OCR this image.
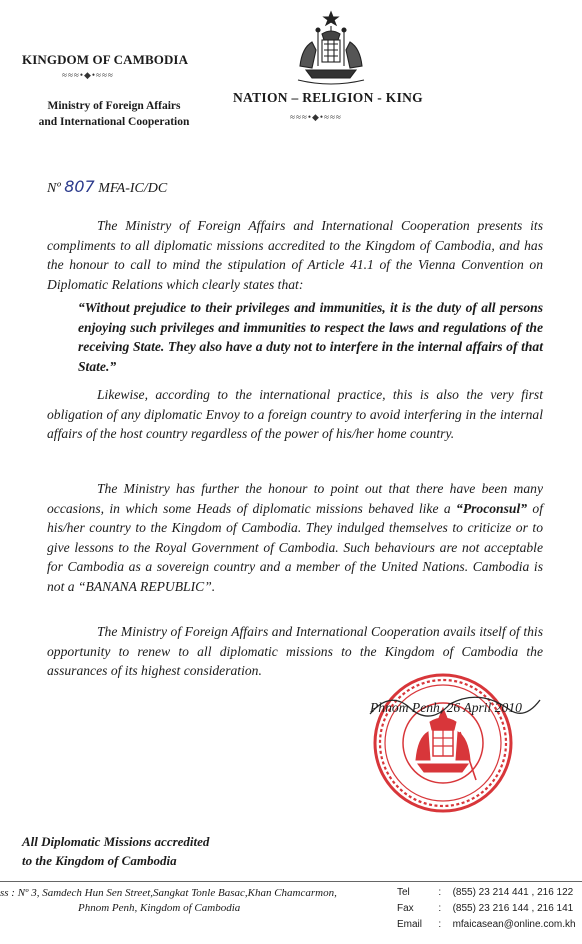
KINGDOM OF CAMBODIA
≈≈≈•◆•≈≈≈
Ministry of Foreign Affairs
and International Cooperation
NATION – RELIGION - KING
≈≈≈•◆•≈≈≈
Nº 807 MFA-IC/DC
The Ministry of Foreign Affairs and International Cooperation presents its compliments to all diplomatic missions accredited to the Kingdom of Cambodia, and has the honour to call to mind the stipulation of Article 41.1 of the Vienna Convention on Diplomatic Relations which clearly states that:
“Without prejudice to their privileges and immunities, it is the duty of all persons enjoying such privileges and immunities to respect the laws and regulations of the receiving State. They also have a duty not to interfere in the internal affairs of that State.”
Likewise, according to the international practice, this is also the very first obligation of any diplomatic Envoy to a foreign country to avoid interfering in the internal affairs of the host country regardless of the power of his/her home country.
The Ministry has further the honour to point out that there have been many occasions, in which some Heads of diplomatic missions behaved like a “Proconsul” of his/her country to the Kingdom of Cambodia. They indulged themselves to criticize or to give lessons to the Royal Government of Cambodia. Such behaviours are not acceptable for Cambodia as a sovereign country and a member of the United Nations. Cambodia is not a “BANANA REPUBLIC”.
The Ministry of Foreign Affairs and International Cooperation avails itself of this opportunity to renew to all diplomatic missions to the Kingdom of Cambodia the assurances of its highest consideration.
Phnom Penh, 26 April 2010
All Diplomatic Missions accredited
to the Kingdom of Cambodia
ss : Nº 3, Samdech Hun Sen Street,Sangkat Tonle Basac,Khan Chamcarmon,
Phnom Penh, Kingdom of Cambodia
Tel	: (855) 23 214 441 , 216 122
Fax : (855) 23 216 144 , 216 141
Email : mfaicasean@online.com.kh
